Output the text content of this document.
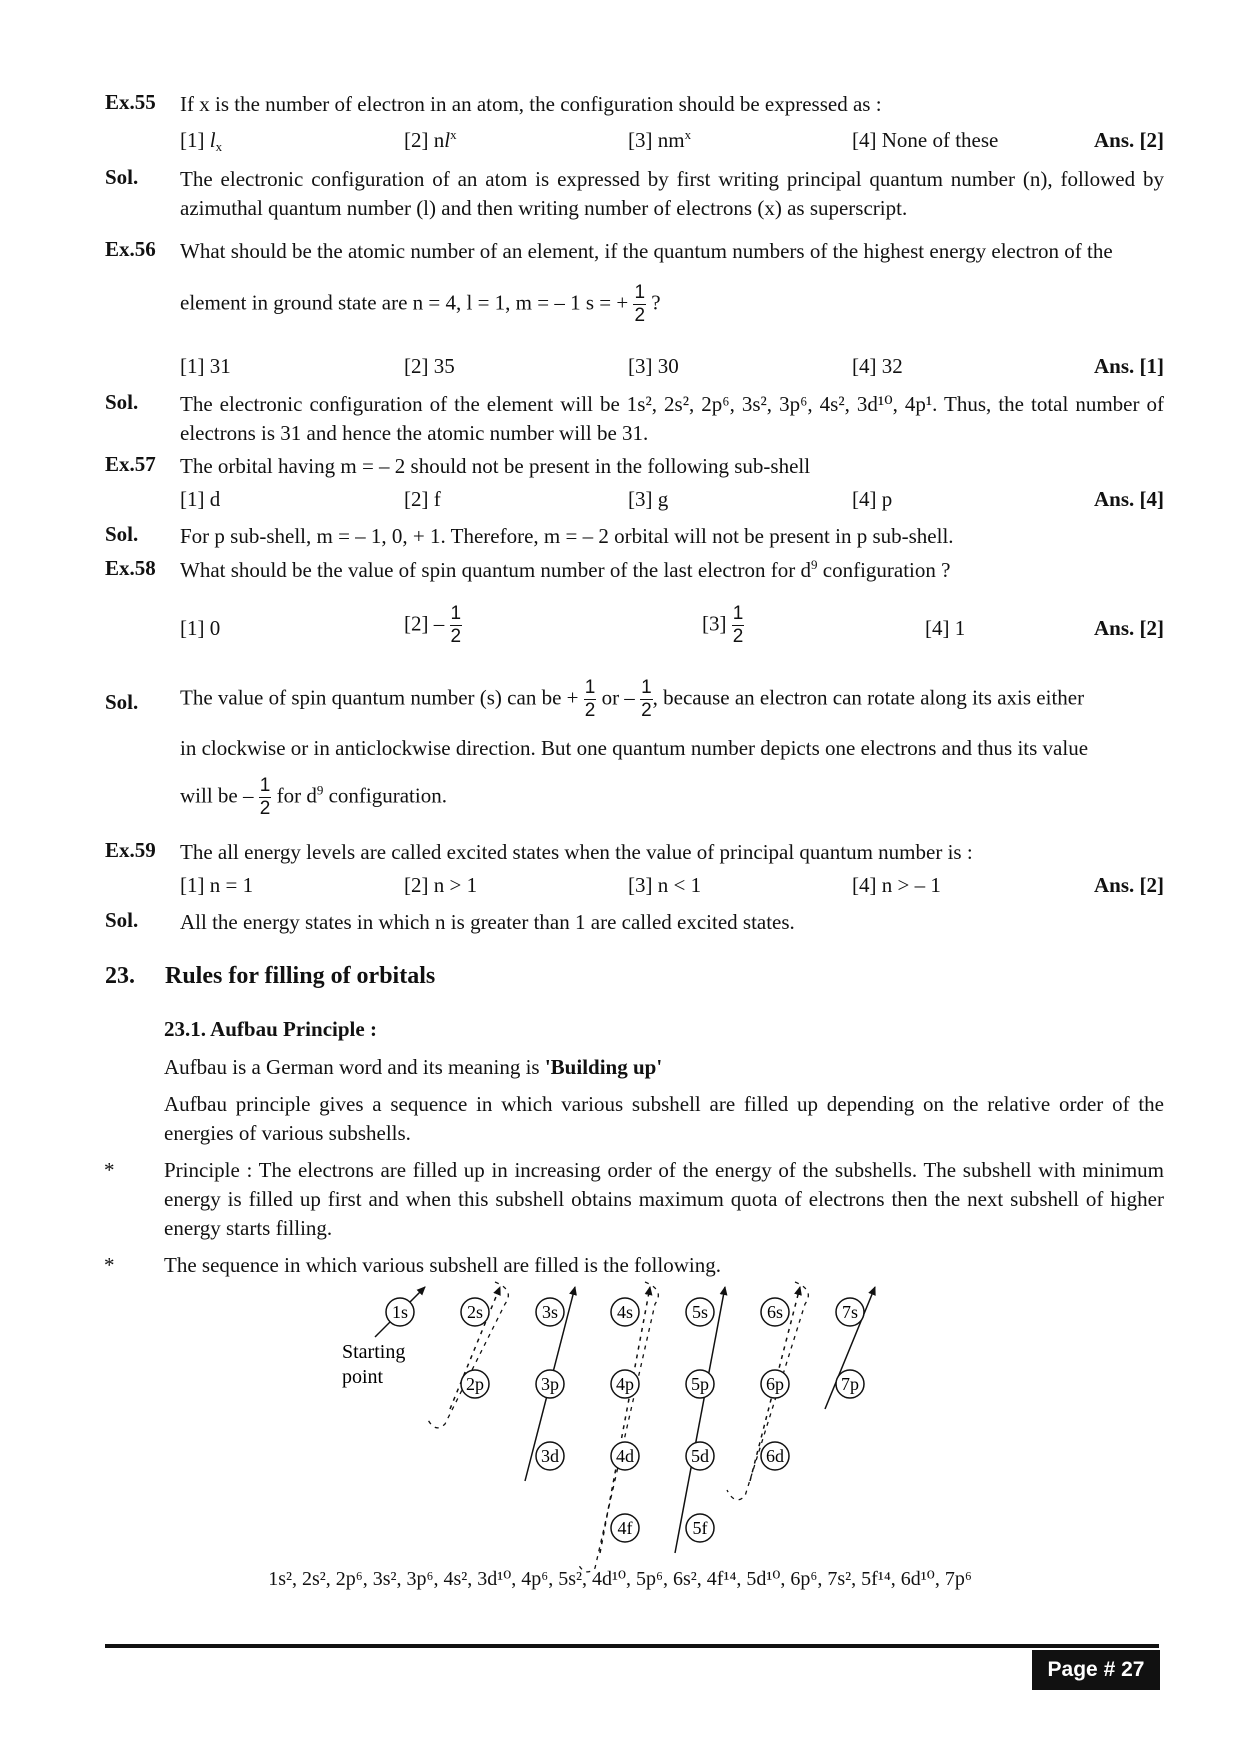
Ex.55 If x is the number of electron in an atom, the configuration should be expressed as :
[1] $l_x$	[2] $nl^x$	[3] $nm^x$	[4] None of these	Ans. [2]
Sol. The electronic configuration of an atom is expressed by first writing principal quantum number (n), followed by azimuthal quantum number (l) and then writing number of electrons (x) as superscript.
Ex.56 What should be the atomic number of an element, if the quantum numbers of the highest energy electron of the
element in ground state are n = 4, l = 1, m = – 1 s = + $\frac{1}{2}$ ?
[1] 31	[2] 35	[3] 30	[4] 32	Ans. [1]
Sol. The electronic configuration of the element will be 1s², 2s², 2p⁶, 3s², 3p⁶, 4s², 3d¹⁰, 4p¹. Thus, the total number of electrons is 31 and hence the atomic number will be 31.
Ex.57 The orbital having m = – 2 should not be present in the following sub-shell
[1] d	[2] f	[3] g	[4] p	Ans. [4]
Sol. For p sub-shell, m = – 1, 0, + 1. Therefore, m = – 2 orbital will not be present in p sub-shell.
Ex.58 What should be the value of spin quantum number of the last electron for $d^9$ configuration ?
[1] 0	$[2] - \frac{1}{2}$	$[3] \frac{1}{2}$	[4] 1	Ans. [2]
Sol. The value of spin quantum number (s) can be + $\frac{1}{2}$ or – $\frac{1}{2}$ , because an electron can rotate along its axis either
in clockwise or in anticlockwise direction. But one quantum number depicts one electrons and thus its value
will be – $\frac{1}{2}$ for $d^9$ configuration.
Ex.59 The all energy levels are called excited states when the value of principal quantum number is :
[1] n = 1	[2] n > 1	[3] n < 1	[4] n > – 1	Ans. [2]
Sol. All the energy states in which n is greater than 1 are called excited states.
23. Rules for filling of orbitals
23.1. Aufbau Principle :
Aufbau is a German word and its meaning is 'Building up'
Aufbau principle gives a sequence in which various subshell are filled up depending on the relative order of the energies of various subshells.
* Principle : The electrons are filled up in increasing order of the energy of the subshells. The subshell with minimum energy is filled up first and when this subshell obtains maximum quota of electrons then the next subshell of higher energy starts filling.
* The sequence in which various subshell are filled is the following.
1s	2s	3s	4s	5s	6s	7s
2p	3p	4p	5p	6p	7p
3d	4d	5d	6d
4f	5f
Starting
point
1s², 2s², 2p⁶, 3s², 3p⁶, 4s², 3d¹⁰, 4p⁶, 5s², 4d¹⁰, 5p⁶, 6s², 4f¹⁴, 5d¹⁰, 6p⁶, 7s², 5f¹⁴, 6d¹⁰, 7p⁶
Page # 27
